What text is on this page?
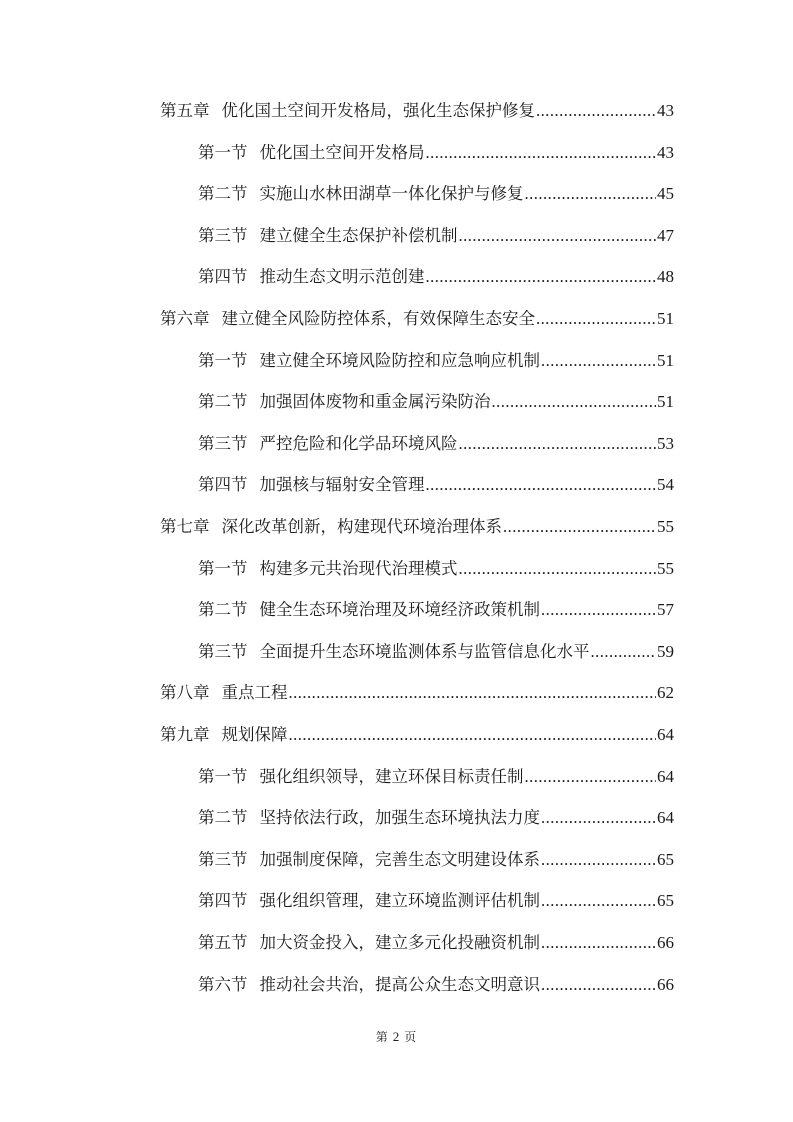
第五章 优化国土空间开发格局，强化生态保护修复 .....	43
第一节 优化国土空间开发格局 .....	43
第二节 实施山水林田湖草一体化保护与修复 .....	45
第三节 建立健全生态保护补偿机制 .....	47
第四节 推动生态文明示范创建 .....	48
第六章 建立健全风险防控体系，有效保障生态安全 .....	51
第一节 建立健全环境风险防控和应急响应机制 .....	51
第二节 加强固体废物和重金属污染防治 .....	51
第三节 严控危险和化学品环境风险 .....	53
第四节 加强核与辐射安全管理 .....	54
第七章 深化改革创新，构建现代环境治理体系 .....	55
第一节 构建多元共治现代治理模式 .....	55
第二节 健全生态环境治理及环境经济政策机制 .....	57
第三节 全面提升生态环境监测体系与监管信息化水平 .....	59
第八章 重点工程 .....	62
第九章 规划保障 .....	64
第一节 强化组织领导，建立环保目标责任制 .....	64
第二节 坚持依法行政，加强生态环境执法力度 .....	64
第三节 加强制度保障，完善生态文明建设体系 .....	65
第四节 强化组织管理，建立环境监测评估机制 .....	65
第五节 加大资金投入，建立多元化投融资机制 .....	66
第六节 推动社会共治，提高公众生态文明意识 .....	66
第 2 页
